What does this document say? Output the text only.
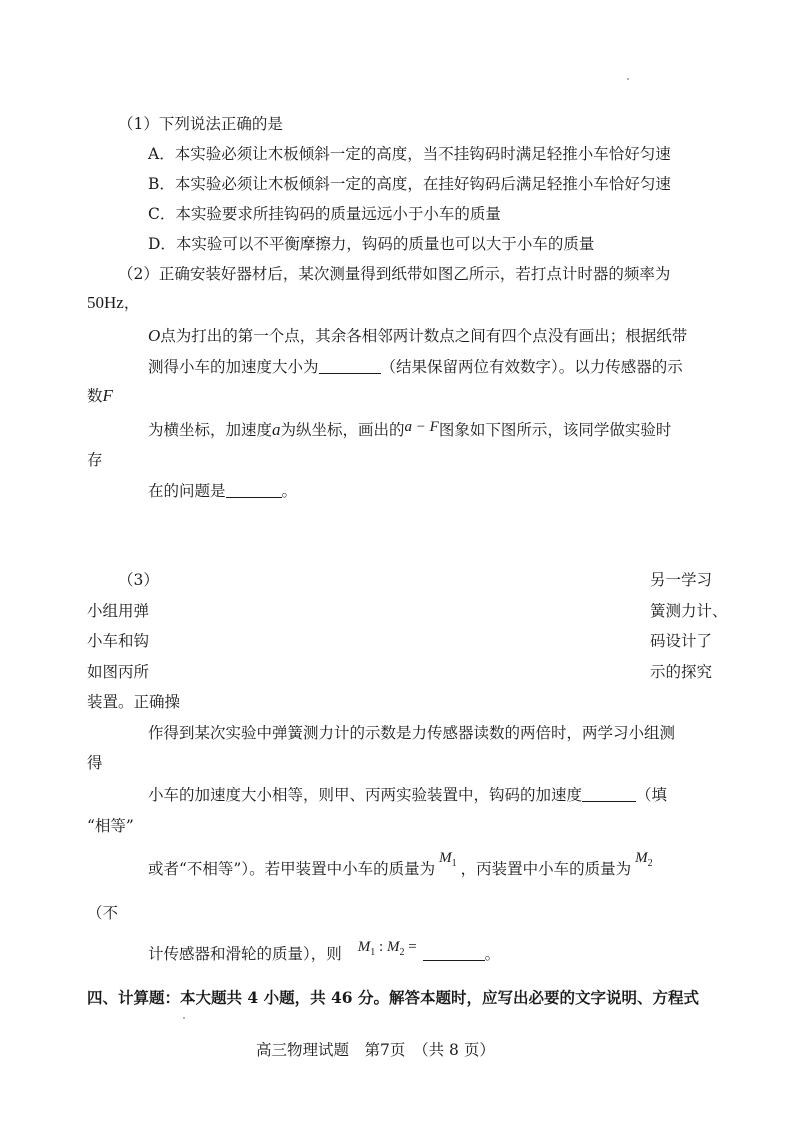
（1）下列说法正确的是
A．本实验必须让木板倾斜一定的高度，当不挂钩码时满足轻推小车恰好匀速
B．本实验必须让木板倾斜一定的高度，在挂好钩码后满足轻推小车恰好匀速
C．本实验要求所挂钩码的质量远远小于小车的质量
D．本实验可以不平衡摩擦力，钩码的质量也可以大于小车的质量
（2）正确安装好器材后，某次测量得到纸带如图乙所示，若打点计时器的频率为
50Hz，
O点为打出的第一个点，其余各相邻两计数点之间有四个点没有画出；根据纸带
测得小车的加速度大小为	（结果保留两位有效数字）。以力传感器的示
数F
为横坐标，加速度a为纵坐标，画出的a − F图象如下图所示，该同学做实验时
存
在的问题是	。
（3）
小组用弹
小车和钩
如图丙所
装置。正确操
另一学习
簧测力计、
码设计了
示的探究
作得到某次实验中弹簧测力计的示数是力传感器读数的两倍时，两学习小组测
得
小车的加速度大小相等，则甲、丙两实验装置中，钩码的加速度	（填
“相等”
或者“不相等”）。若甲装置中小车的质量为$M_1$ ，丙装置中小车的质量为$M_2$
（不
计传感器和滑轮的质量），则 $M_1$ : $M_2$ =	。
四、计算题：本大题共 4 小题，共 46 分。解答本题时，应写出必要的文字说明、方程式
高三物理试题　第7页　（共 8 页）
